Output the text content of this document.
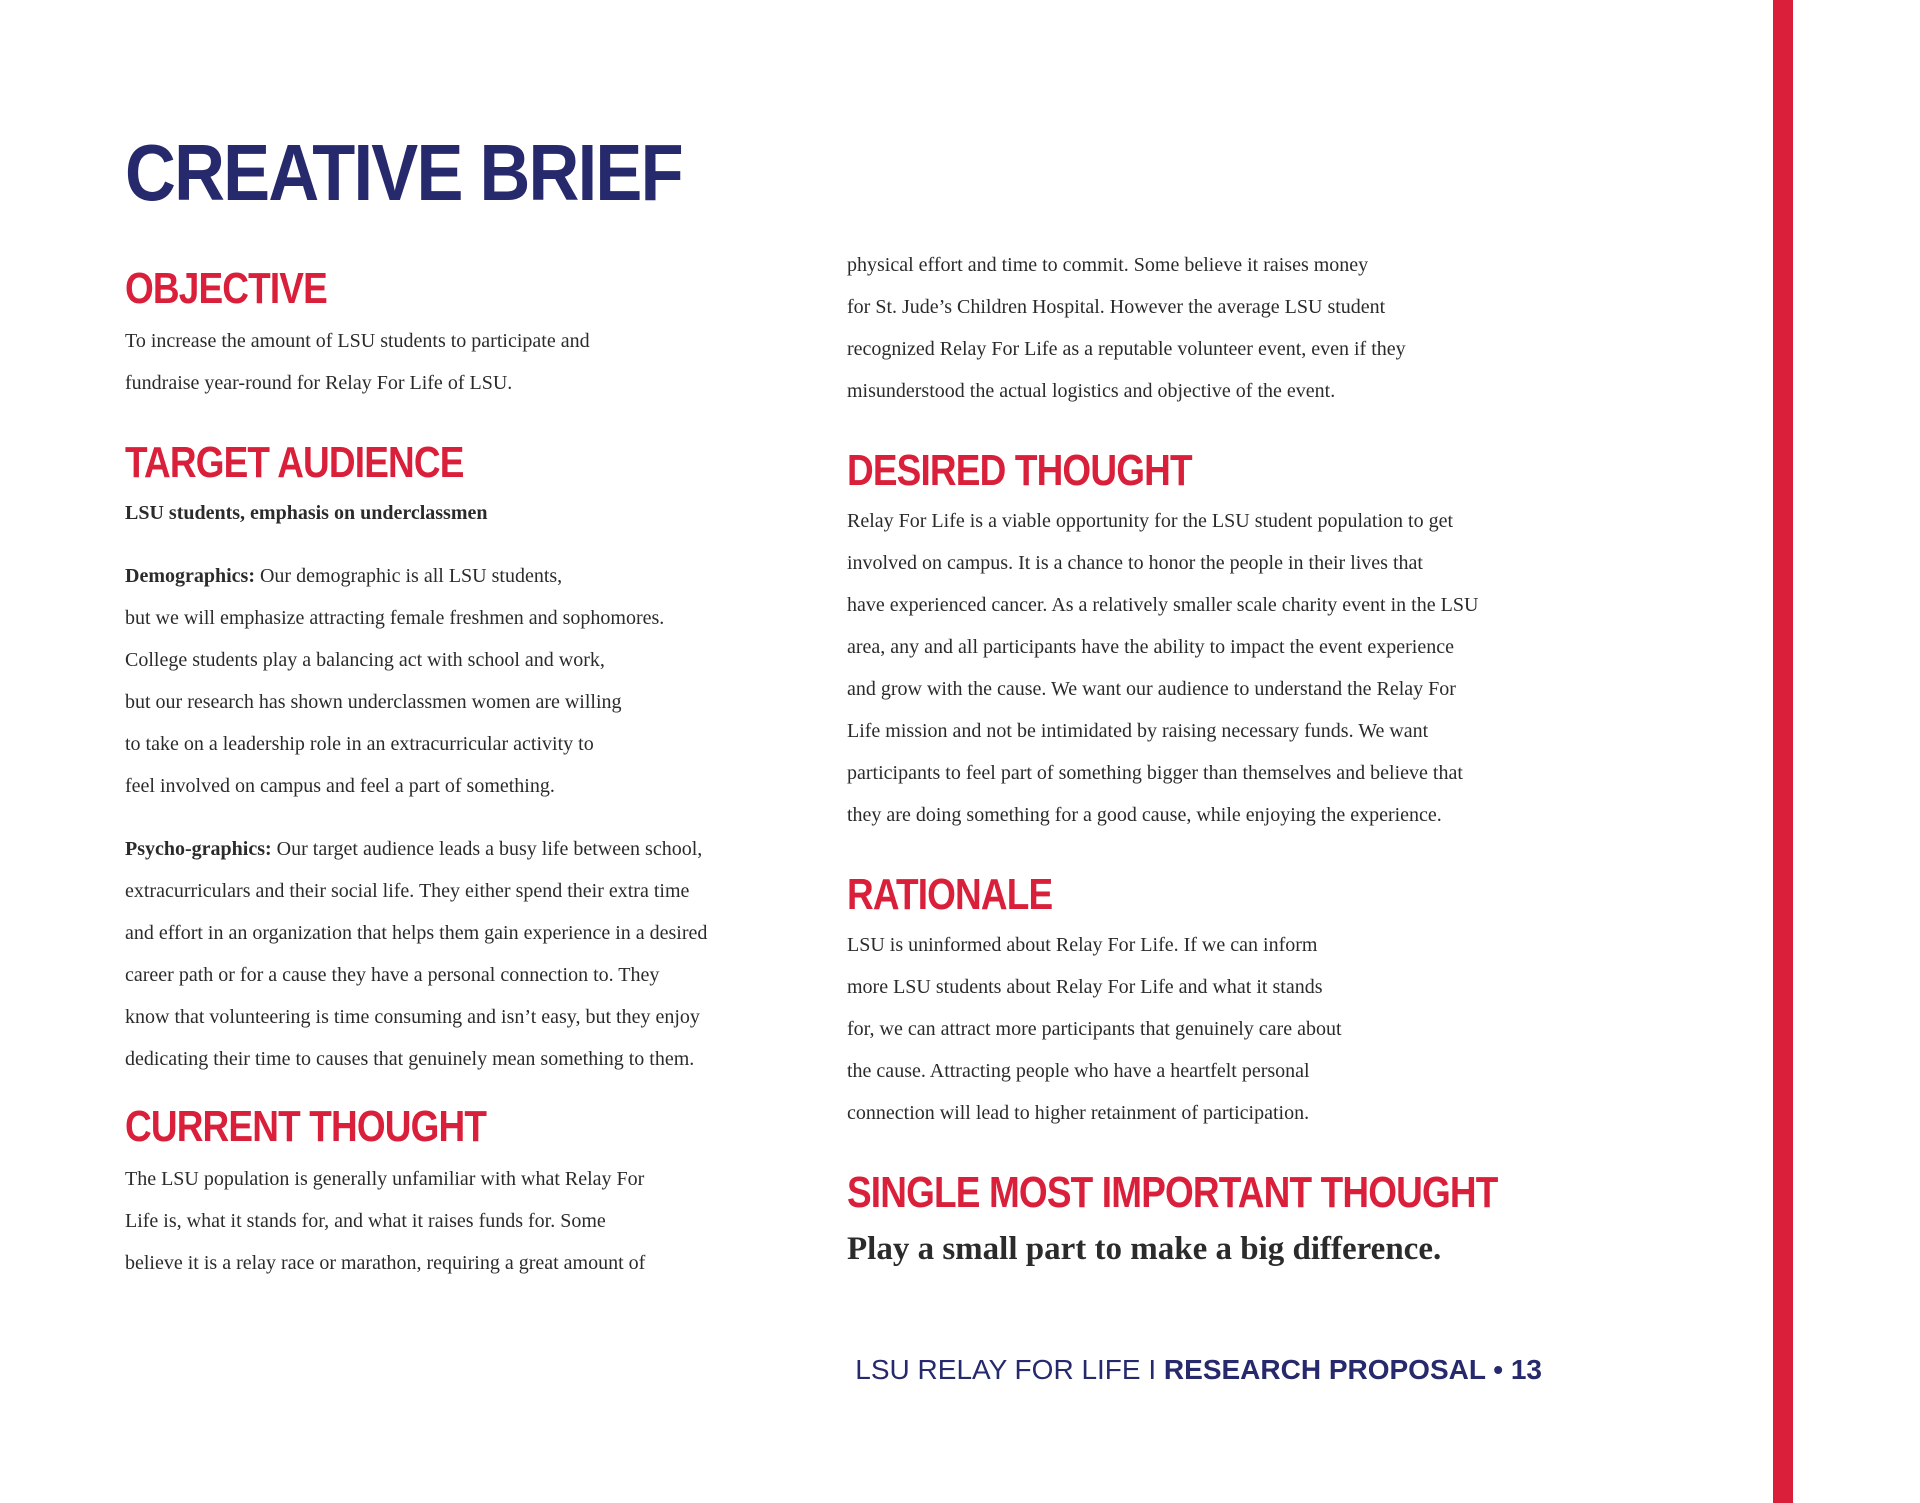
CREATIVE BRIEF
OBJECTIVE

To increase the amount of LSU students to participate and

fundraise year-round for Relay For Life of LSU.

TARGET AUDIENCE

LSU students, emphasis on underclassmen

Demographics: Our demographic is all LSU students,

but we will emphasize attracting female freshmen and sophomores.

College students play a balancing act with school and work,

but our research has shown underclassmen women are willing

to take on a leadership role in an extracurricular activity to

feel involved on campus and feel a part of something.

Psycho-graphics: Our target audience leads a busy life between school,

extracurriculars and their social life. They either spend their extra time

and effort in an organization that helps them gain experience in a desired

career path or for a cause they have a personal connection to. They

know that volunteering is time consuming and isn’t easy, but they enjoy

dedicating their time to causes that genuinely mean something to them.

CURRENT THOUGHT

The LSU population is generally unfamiliar with what Relay For

Life is, what it stands for, and what it raises funds for. Some

believe it is a relay race or marathon, requiring a great amount of

physical effort and time to commit. Some believe it raises money

for St. Jude’s Children Hospital. However the average LSU student

recognized Relay For Life as a reputable volunteer event, even if they

misunderstood the actual logistics and objective of the event.

DESIRED THOUGHT

Relay For Life is a viable opportunity for the LSU student population to get

involved on campus. It is a chance to honor the people in their lives that

have experienced cancer. As a relatively smaller scale charity event in the LSU

area, any and all participants have the ability to impact the event experience

and grow with the cause. We want our audience to understand the Relay For

Life mission and not be intimidated by raising necessary funds. We want

participants to feel part of something bigger than themselves and believe that

they are doing something for a good cause, while enjoying the experience.

RATIONALE

LSU is uninformed about Relay For Life. If we can inform

more LSU students about Relay For Life and what it stands

for, we can attract more participants that genuinely care about

the cause. Attracting people who have a heartfelt personal

connection will lead to higher retainment of participation.

SINGLE MOST IMPORTANT THOUGHT

Play a small part to make a big difference.

LSU RELAY FOR LIFE I RESEARCH PROPOSAL • 13
